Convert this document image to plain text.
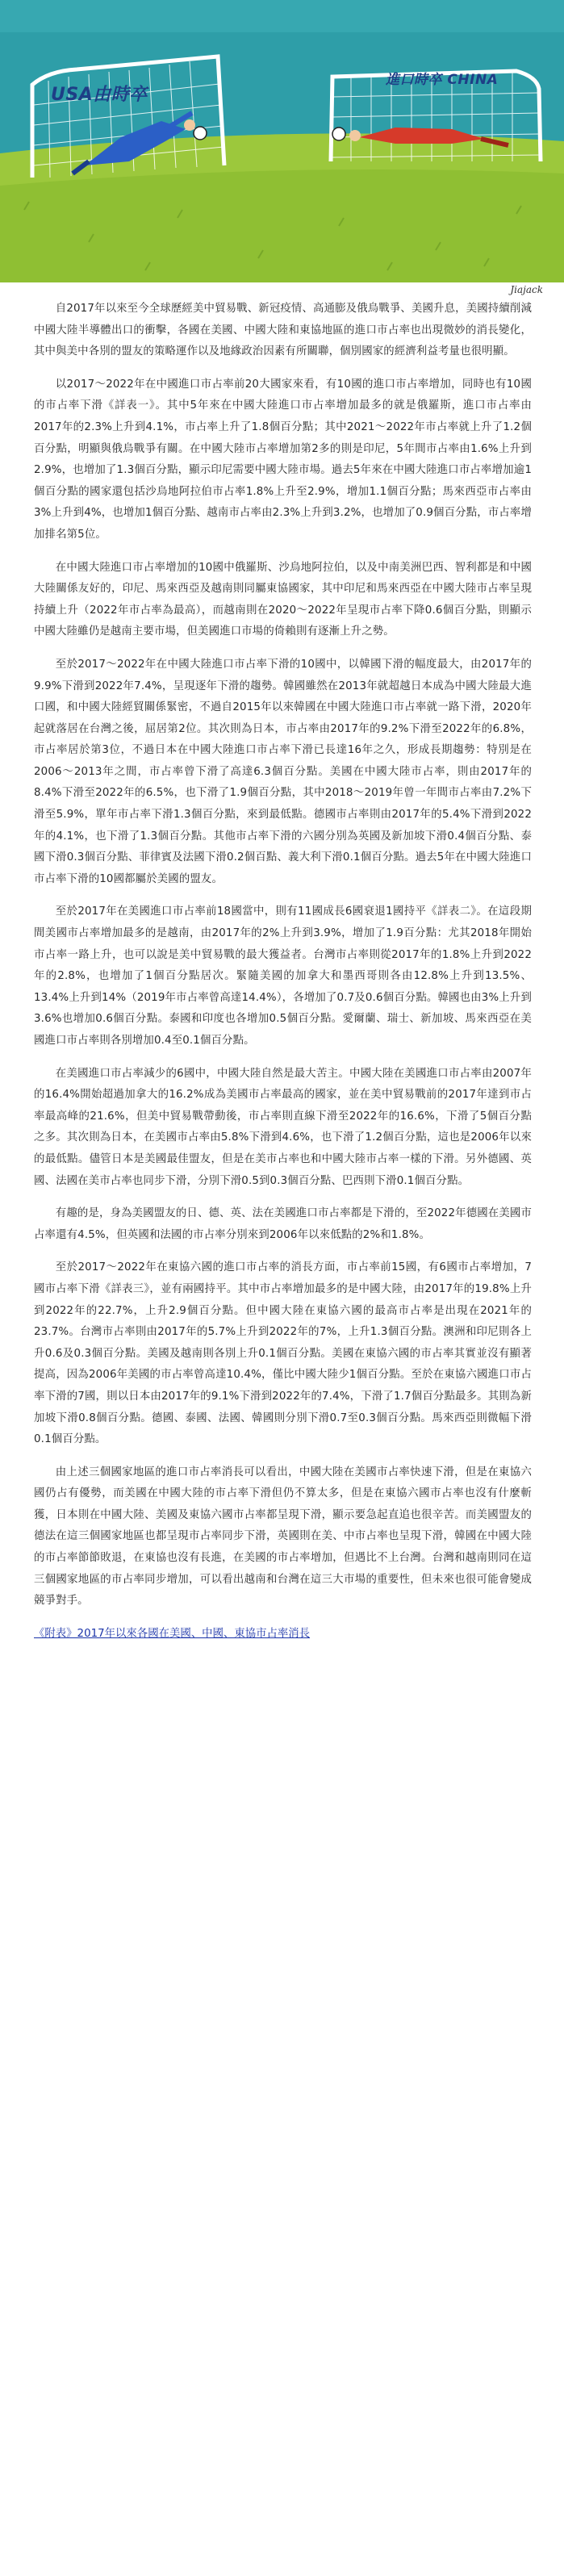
USA由時卒
進口時卒 CHINA
Jiajack

自2017年以來至今全球歷經美中貿易戰、新冠疫情、高通膨及俄烏戰爭、美國升息，美國持續削減中國大陸半導體出口的衝擊，各國在美國、中國大陸和東協地區的進口市占率也出現微妙的消長變化，其中與美中各別的盟友的策略運作以及地緣政治因素有所關聯，個別國家的經濟利益考量也很明顯。

以2017～2022年在中國進口市占率前20大國家來看，有10國的進口市占率增加，同時也有10國的市占率下滑《詳表一》。其中5年來在中國大陸進口市占率增加最多的就是俄羅斯，進口市占率由2017年的2.3%上升到4.1%，市占率上升了1.8個百分點；其中2021～2022年市占率就上升了1.2個百分點，明顯與俄烏戰爭有關。在中國大陸市占率增加第2多的則是印尼，5年間市占率由1.6%上升到2.9%，也增加了1.3個百分點，顯示印尼需要中國大陸市場。過去5年來在中國大陸進口市占率增加逾1個百分點的國家還包括沙烏地阿拉伯市占率1.8%上升至2.9%，增加1.1個百分點；馬來西亞市占率由3%上升到4%，也增加1個百分點、越南市占率由2.3%上升到3.2%，也增加了0.9個百分點，市占率增加排名第5位。

在中國大陸進口市占率增加的10國中俄羅斯、沙烏地阿拉伯，以及中南美洲巴西、智利都是和中國大陸關係友好的，印尼、馬來西亞及越南則同屬東協國家，其中印尼和馬來西亞在中國大陸市占率呈現持續上升（2022年市占率為最高），而越南則在2020～2022年呈現市占率下降0.6個百分點，則顯示中國大陸雖仍是越南主要市場，但美國進口市場的倚賴則有逐漸上升之勢。

至於2017～2022年在中國大陸進口市占率下滑的10國中，以韓國下滑的幅度最大，由2017年的9.9%下滑到2022年7.4%，呈現逐年下滑的趨勢。韓國雖然在2013年就超越日本成為中國大陸最大進口國，和中國大陸經貿關係緊密，不過自2015年以來韓國在中國大陸進口市占率就一路下滑，2020年起就落居在台灣之後，屈居第2位。其次則為日本，市占率由2017年的9.2%下滑至2022年的6.8%，市占率居於第3位，不過日本在中國大陸進口市占率下滑已長達16年之久，形成長期趨勢：特別是在2006～2013年之間，市占率曾下滑了高達6.3個百分點。美國在中國大陸市占率，則由2017年的8.4%下滑至2022年的6.5%，也下滑了1.9個百分點，其中2018～2019年曾一年間市占率由7.2%下滑至5.9%，單年市占率下滑1.3個百分點，來到最低點。德國市占率則由2017年的5.4%下滑到2022年的4.1%，也下滑了1.3個百分點。其他市占率下滑的六國分別為英國及新加坡下滑0.4個百分點、泰國下滑0.3個百分點、菲律賓及法國下滑0.2個百點、義大利下滑0.1個百分點。過去5年在中國大陸進口市占率下滑的10國都屬於美國的盟友。

至於2017年在美國進口市占率前18國當中，則有11國成長6國衰退1國持平《詳表二》。在這段期間美國市占率增加最多的是越南，由2017年的2%上升到3.9%，增加了1.9百分點：尤其2018年開始市占率一路上升，也可以說是美中貿易戰的最大獲益者。台灣市占率則從2017年的1.8%上升到2022年的2.8%，也增加了1個百分點居次。緊隨美國的加拿大和墨西哥則各由12.8%上升到13.5%、13.4%上升到14%（2019年市占率曾高達14.4%），各增加了0.7及0.6個百分點。韓國也由3%上升到3.6%也增加0.6個百分點。泰國和印度也各增加0.5個百分點。愛爾蘭、瑞士、新加坡、馬來西亞在美國進口市占率則各別增加0.4至0.1個百分點。

在美國進口市占率減少的6國中，中國大陸自然是最大苦主。中國大陸在美國進口市占率由2007年的16.4%開始超過加拿大的16.2%成為美國市占率最高的國家，並在美中貿易戰前的2017年達到市占率最高峰的21.6%，但美中貿易戰帶動後，市占率則直線下滑至2022年的16.6%，下滑了5個百分點之多。其次則為日本，在美國市占率由5.8%下滑到4.6%，也下滑了1.2個百分點，這也是2006年以來的最低點。儘管日本是美國最佳盟友，但是在美市占率也和中國大陸市占率一樣的下滑。另外德國、英國、法國在美市占率也同步下滑，分別下滑0.5到0.3個百分點、巴西則下滑0.1個百分點。

有趣的是，身為美國盟友的日、德、英、法在美國進口市占率都是下滑的，至2022年德國在美國市占率還有4.5%，但英國和法國的市占率分別來到2006年以來低點的2%和1.8%。

至於2017～2022年在東協六國的進口市占率的消長方面，市占率前15國，有6國市占率增加，7國市占率下滑《詳表三》，並有兩國持平。其中市占率增加最多的是中國大陸，由2017年的19.8%上升到2022年的22.7%，上升2.9個百分點。但中國大陸在東協六國的最高市占率是出現在2021年的23.7%。台灣市占率則由2017年的5.7%上升到2022年的7%，上升1.3個百分點。澳洲和印尼則各上升0.6及0.3個百分點。美國及越南則各別上升0.1個百分點。美國在東協六國的市占率其實並沒有顯著提高，因為2006年美國的市占率曾高達10.4%，僅比中國大陸少1個百分點。至於在東協六國進口市占率下滑的7國，則以日本由2017年的9.1%下滑到2022年的7.4%，下滑了1.7個百分點最多。其則為新加坡下滑0.8個百分點。德國、泰國、法國、韓國則分別下滑0.7至0.3個百分點。馬來西亞則微幅下滑0.1個百分點。

由上述三個國家地區的進口市占率消長可以看出，中國大陸在美國市占率快速下滑，但是在東協六國仍占有優勢，而美國在中國大陸的市占率下滑但仍不算太多，但是在東協六國市占率也沒有什麼斬獲，日本則在中國大陸、美國及東協六國市占率都呈現下滑，顯示要急起直追也很辛苦。而美國盟友的德法在這三個國家地區也都呈現市占率同步下滑，英國則在美、中市占率也呈現下滑，韓國在中國大陸的市占率節節敗退，在東協也沒有長進，在美國的市占率增加，但遇比不上台灣。台灣和越南則同在這三個國家地區的市占率同步增加，可以看出越南和台灣在這三大市場的重要性，但未來也很可能會變成競爭對手。

《附表》2017年以來各國在美國、中國、東協市占率消長
